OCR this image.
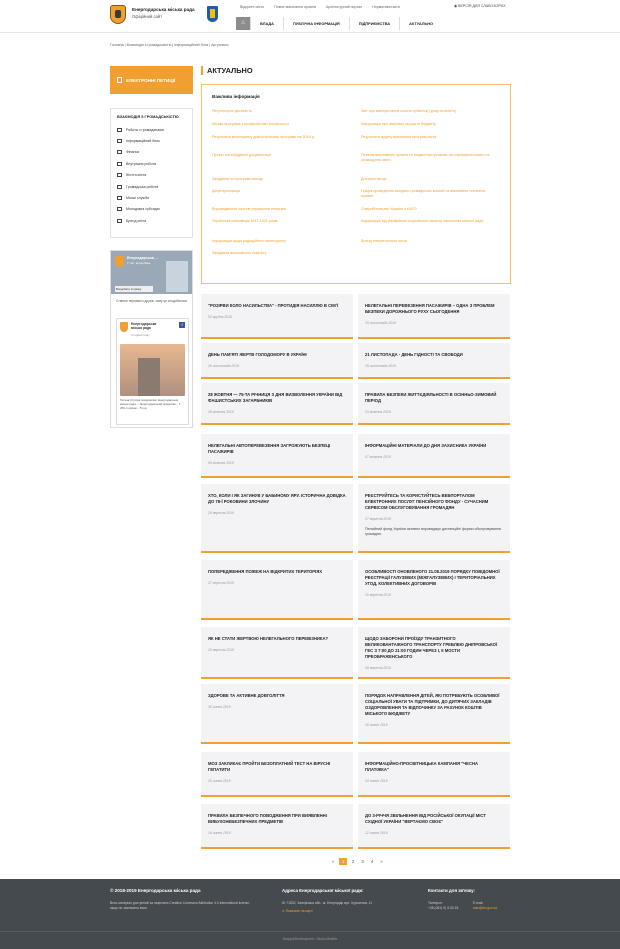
Енергодарська міська рада
Офіційний сайт
Відкрите місто	Повне виконання органів	Архітектурний портал	Нормативні акти	◉ ВЕРСІЯ ДЛЯ СЛАБОЗОРИХ
⌂	ВЛАДА	ПУБЛІЧНА ІНФОРМАЦІЯ	ПІДПРИЄМСТВА	АКТУАЛЬНО
Головна | Взаємодія з громадськістю | Інформаційний блок | Актуально
ЕЛЕКТРОННІ ПЕТИЦІЇ
ВЗАЄМОДІЯ З ГРОМАДСЬКІСТЮ
Робота з громадянами
Інформаційний блок
Фінанси
Внутрішня робота
Життя міста
Громадська робота
Міські служби
Молодіжна субсидія
Бренд міста
Енергодарська ...
7 тис. вподобань
Вподобати сторінку
Станьте першим із друзів, хому це сподобалося
Енергодарська міська рада
f
4 години тому
Тетяна Стрілка повідомляє: Енергодарська міська рада — Енергодарський процвітає... 1 250 сторінок... 5 год
АКТУАЛЬНО
Важлива інформація
Регуляторна діяльність
Міська програма з профілактики злочинності
Результати моніторингу довгострокової програми на 2018 р.
Проект містобудівної документації
Засідання по програмі молоді
Децентралізація
Впровадження систем управління енергією
Українська революція 1917-1921 років
Інформація щодо радіаційного моніторингу
Засідання виконавчого комітету
Звіт про використання коштів субвенції (уряд сплатить)
Інформація про закупівлі за кошти бюджету
Результати аудиту виконання програм міста
Перелік виконавчих органів та бюджетних установ, які отримують кошти та розміщують звіти
Доступні місця
Графік проведення засідань громадських комісій та виконання технічних правил
Співробітництво України з НАТО
Інформація від управління соціального захисту населення міської ради
Бренд енергетичного міста
"РОЗІРВИ КОЛО НАСИЛЬСТВА" - ПРОТИДІЯ НАСИЛЛЮ В СІМ'Ї
02 грудня 2019
НЕЛЕГАЛЬНІ ПЕРЕВЕЗЕННЯ ПАСАЖИРІВ – ОДНА З ПРОБЛЕМ БЕЗПЕКИ ДОРОЖНЬОГО РУХУ СЬОГОДЕННЯ
29 листопада 2019
ДЕНЬ ПАМ'ЯТІ ЖЕРТВ ГОЛОДОМОРУ В УКРАЇНІ
20 листопада 2019
21 ЛИСТОПАДА - ДЕНЬ ГІДНОСТІ ТА СВОБОДИ
15 листопада 2019
28 ЖОВТНЯ — 75-ТА РІЧНИЦЯ З ДНЯ ВИЗВОЛЕННЯ УКРАЇНИ ВІД ФАШИСТСЬКИХ ЗАГАРБНИКІВ
28 жовтня 2019
ПРАВИЛА БЕЗПЕКИ ЖИТТЄДІЯЛЬНОСТІ В ОСІННЬО-ЗИМОВИЙ ПЕРІОД
23 жовтня 2019
НЕЛЕГАЛЬНІ АВТОПЕРЕВЕЗЕННЯ ЗАГРОЖУЮТЬ БЕЗПЕЦІ ПАСАЖИРІВ
09 жовтня 2019
ІНФОРМАЦІЙНІ МАТЕРІАЛИ ДО ДНЯ ЗАХИСНИКА УКРАЇНИ
07 жовтня 2019
ХТО, КОЛИ І ЯК ЗАГИНУВ У БАБИНОМУ ЯРУ. ІСТОРИЧНА ДОВІДКА ДО 78-Ї РОКОВИНИ ЗЛОЧИНУ
29 вересня 2019
РЕЄСТРУЙТЕСЬ ТА КОРИСТУЙТЕСЬ ВЕБПОРТАЛОМ ЕЛЕКТРОННИХ ПОСЛУГ ПЕНСІЙНОГО ФОНДУ - СУЧАСНИМ СЕРВІСОМ ОБСЛУГОВУВАННЯ ГРОМАДЯН
27 вересня 2019
Пенсійний фонд України активно впроваджує дистанційні форми обслуговування громадян.
ПОПЕРЕДЖЕННЯ ПОЖЕЖ НА ВІДКРИТИХ ТЕРИТОРІЯХ
27 вересня 2019
ОСОБЛИВОСТІ ОНОВЛЕНОГО 21.08.2019 ПОРЯДКУ ПОВІДОМНОЇ РЕЄСТРАЦІЇ ГАЛУЗЕВИХ (МІЖГАЛУЗЕВИХ) І ТЕРИТОРІАЛЬНИХ УГОД, КОЛЕКТИВНИХ ДОГОВОРІВ
20 вересня 2019
ЯК НЕ СТАТИ ЖЕРТВОЮ НЕЛЕГАЛЬНОГО ПЕРЕВІЗНИКА?
10 вересня 2019
ЩОДО ЗАБОРОНИ ПРОЇЗДУ ТРАНЗИТНОГО ВЕЛИКОВАНТАЖНОГО ТРАНСПОРТУ ГРЕБЛЕЮ ДНІПРОВСЬКОЇ ГЕС З 7:00 ДО 21:00 ГОДИН ЧЕРЕЗ І, ІІ МОСТИ ПРЕОБРАЖЕНСЬКОГО
09 вересня 2019
ЗДОРОВЕ ТА АКТИВНЕ ДОВГОЛІТТЯ
30 липня 2019
ПОРЯДОК НАПРАВЛЕННЯ ДІТЕЙ, ЯКІ ПОТРЕБУЮТЬ ОСОБЛИВОЇ СОЦІАЛЬНОЇ УВАГИ ТА ПІДТРИМКИ, ДО ДИТЯЧИХ ЗАКЛАДІВ ОЗДОРОВЛЕННЯ ТА ВІДПОЧИНКУ ЗА РАХУНОК КОШТІВ МІСЬКОГО БЮДЖЕТУ
26 липня 2019
МОЗ ЗАКЛИКАЄ ПРОЙТИ БЕЗОПЛАТНИЙ ТЕСТ НА ВІРУСНІ ГЕПАТИТИ
25 липня 2019
ІНФОРМАЦІЙНО-ПРОСВІТНИЦЬКА КАМПАНІЯ "ЧЕСНА ПЛАТІЖКА"
24 липня 2019
ПРАВИЛА БЕЗПЕЧНОГО ПОВОДЖЕННЯ ПРИ ВИЯВЛЕННІ ВИБУХОНЕБЕЗПЕЧНИХ ПРЕДМЕТІВ
16 липня 2019
ДО 3-РІЧЧЯ ЗВІЛЬНЕННЯ ВІД РОСІЙСЬКОЇ ОКУПАЦІЇ МІСТ СХІДНОЇ УКРАЇНИ "ВЕРТАЄМО СВОЄ"
12 липня 2019
«	1	2	3	4	»
© 2018-2019 Енергодарська міська рада
Весь матеріал доступний за ліцензією Creative Commons Attribution 4.0 International license, якщо не зазначено інше.
Адреса Енергодарської міської ради:
Ю 71502, Запорізька обл., м. Енергодар вул. Курчатова, 11
⊙ Показати на карті
Контакти для зв'язку:
Телефон:
+38 (061) 9) 3-32-33
E-mail:
adm@en.gov.ua
Design&Development - Studio Mindflix
